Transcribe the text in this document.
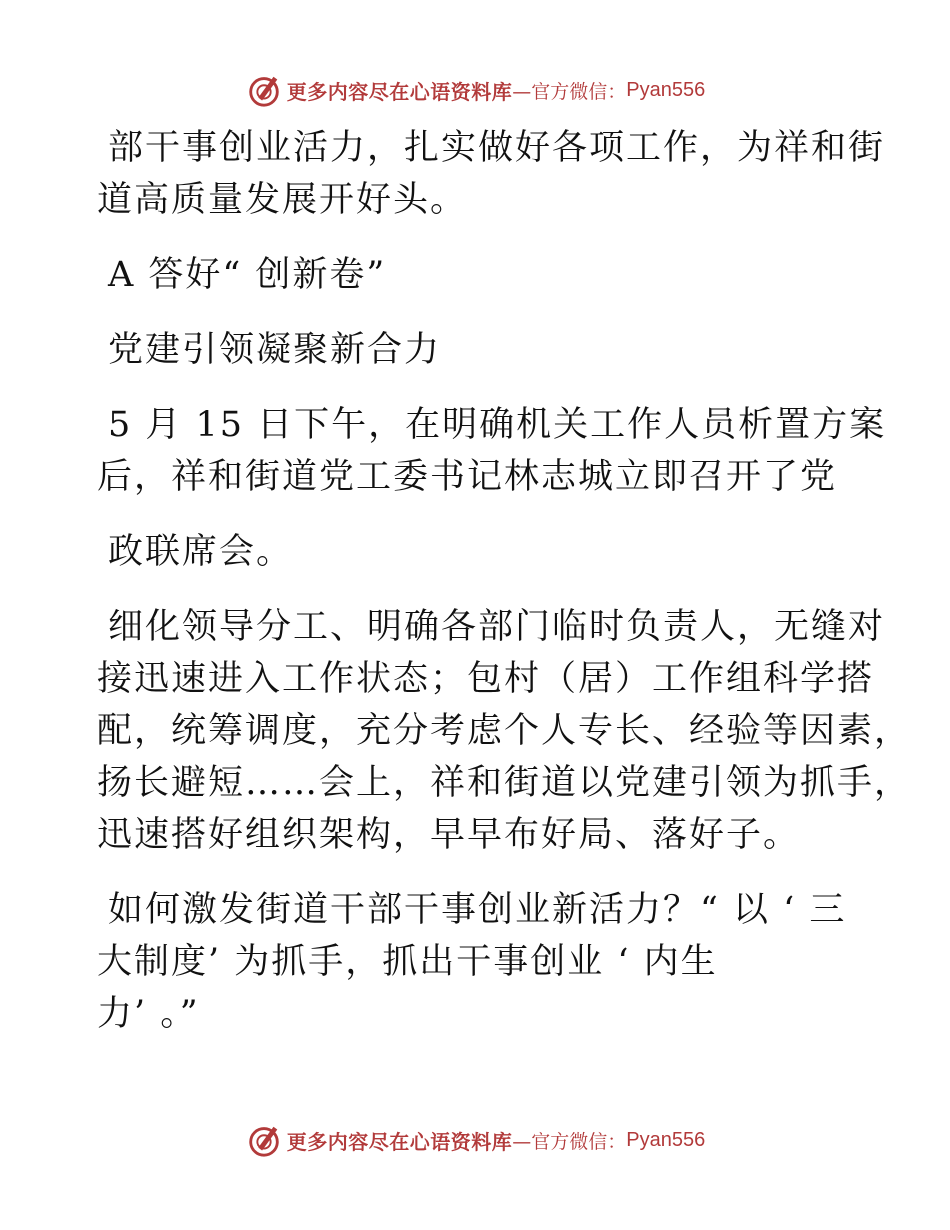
更多内容尽在心语资料库 —官方微信： Pyan556
部干事创业活力，扎实做好各项工作，为祥和街
道高质量发展开好头。
A 答好“ 创新卷”
党建引领凝聚新合力
5 月 15 日下午，在明确机关工作人员析置方案
后，祥和街道党工委书记林志城立即召开了党
政联席会。
细化领导分工、明确各部门临时负责人，无缝对
接迅速进入工作状态；包村（居）工作组科学搭
配，统筹调度，充分考虑个人专长、经验等因素，
扬长避短……会上，祥和街道以党建引领为抓手，
迅速搭好组织架构，早早布好局、落好子。
如何激发街道干部干事创业新活力？“ 以 ‘ 三
大制度’ 为抓手，抓出干事创业 ‘ 内生
力’ 。”
更多内容尽在心语资料库 —官方微信： Pyan556
